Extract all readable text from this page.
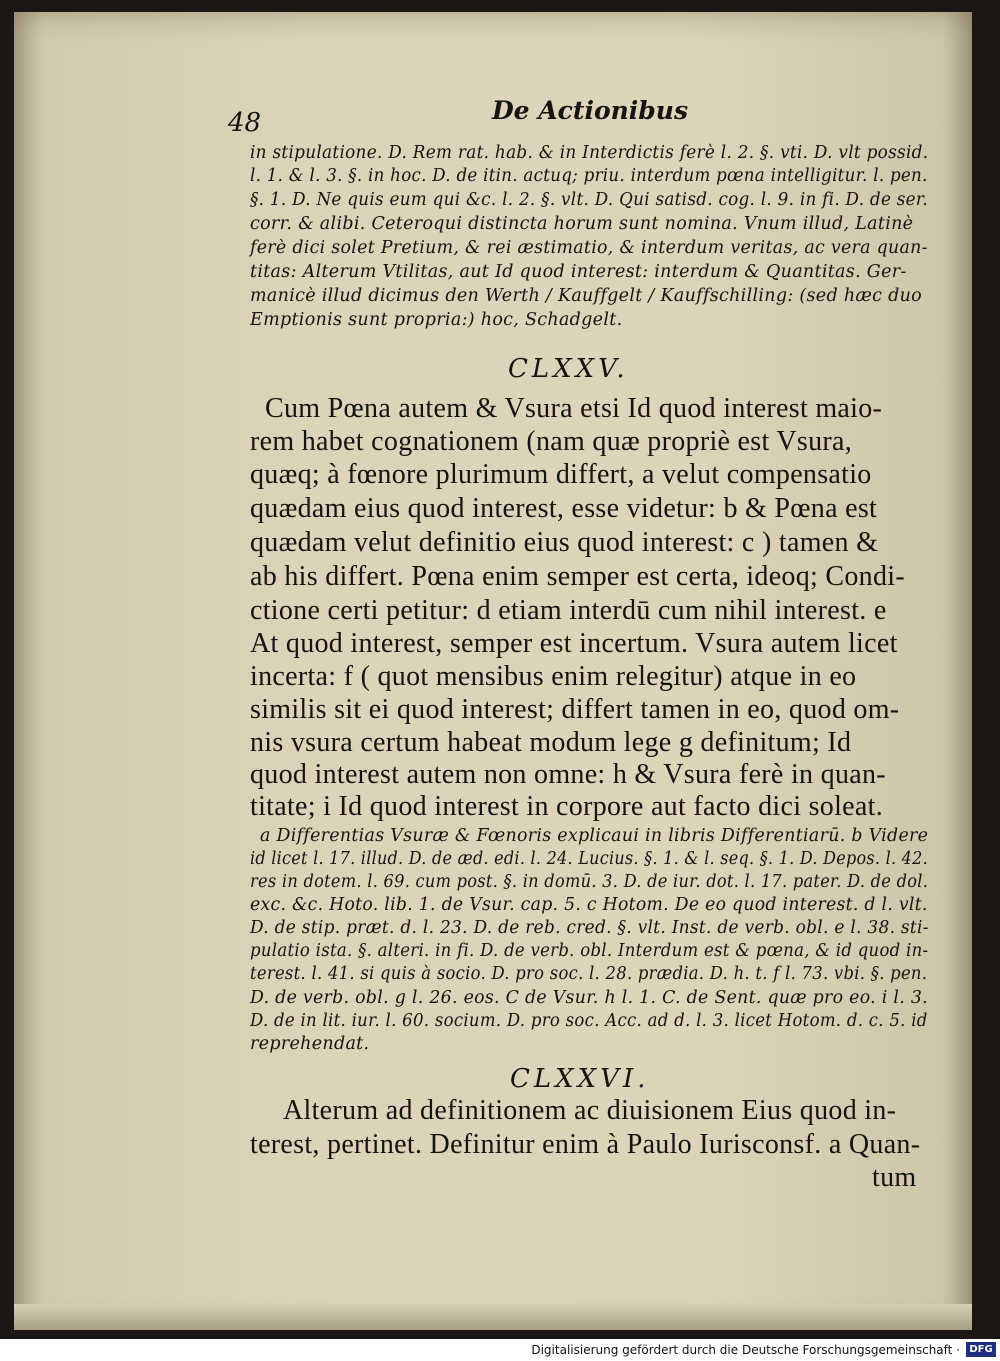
48	De Actionibus
in stipulatione. D. Rem rat. hab. & in Interdictis ferè l. 2. §. vti. D. vlt possid.
l. 1. & l. 3. §. in hoc. D. de itin. actuq; priu. interdum pœna intelligitur. l. pen.
§. 1. D. Ne quis eum qui &c. l. 2. §. vlt. D. Qui satisd. cog. l. 9. in fi. D. de ser.
corr. & alibi. Ceteroqui distincta horum sunt nomina. Vnum illud, Latinè
ferè dici solet Pretium, & rei æstimatio, & interdum veritas, ac vera quan-
titas: Alterum Vtilitas, aut Id quod interest: interdum & Quantitas. Ger-
manicè illud dicimus den Werth / Kauffgelt / Kauffschilling: (sed hæc duo
Emptionis sunt propria:) hoc, Schadgelt.
CLXXV.
Cum Pœna autem & Vsura etsi Id quod interest maio-
rem habet cognationem (nam quæ propriè est Vsura,
quæq; à fœnore plurimum differt, a velut compensatio
quædam eius quod interest, esse videtur: b & Pœna est
quædam velut definitio eius quod interest: c ) tamen &
ab his differt. Pœna enim semper est certa, ideoq; Condi-
ctione certi petitur: d etiam interdū cum nihil interest. e
At quod interest, semper est incertum. Vsura autem licet
incerta: f ( quot mensibus enim relegitur) atque in eo
similis sit ei quod interest; differt tamen in eo, quod om-
nis vsura certum habeat modum lege g definitum; Id
quod interest autem non omne: h & Vsura ferè in quan-
titate; i Id quod interest in corpore aut facto dici soleat.
a Differentias Vsuræ & Fœnoris explicaui in libris Differentiarū. b Videre
id licet l. 17. illud. D. de æd. edi. l. 24. Lucius. §. 1. & l. seq. §. 1. D. Depos. l. 42.
res in dotem. l. 69. cum post. §. in domū. 3. D. de iur. dot. l. 17. pater. D. de dol.
exc. &c. Hoto. lib. 1. de Vsur. cap. 5. c Hotom. De eo quod interest. d l. vlt.
D. de stip. præt. d. l. 23. D. de reb. cred. §. vlt. Inst. de verb. obl. e l. 38. sti-
pulatio ista. §. alteri. in fi. D. de verb. obl. Interdum est & pœna, & id quod in-
terest. l. 41. si quis à socio. D. pro soc. l. 28. prædia. D. h. t. f l. 73. vbi. §. pen.
D. de verb. obl. g l. 26. eos. C de Vsur. h l. 1. C. de Sent. quæ pro eo. i l. 3.
D. de in lit. iur. l. 60. socium. D. pro soc. Acc. ad d. l. 3. licet Hotom. d. c. 5. id
reprehendat.
CLXXVI.
Alterum ad definitionem ac diuisionem Eius quod in-
terest, pertinet. Definitur enim à Paulo Iurisconsf. a Quan-
tum
Digitalisierung gefördert durch die Deutsche Forschungsgemeinschaft · DFG
